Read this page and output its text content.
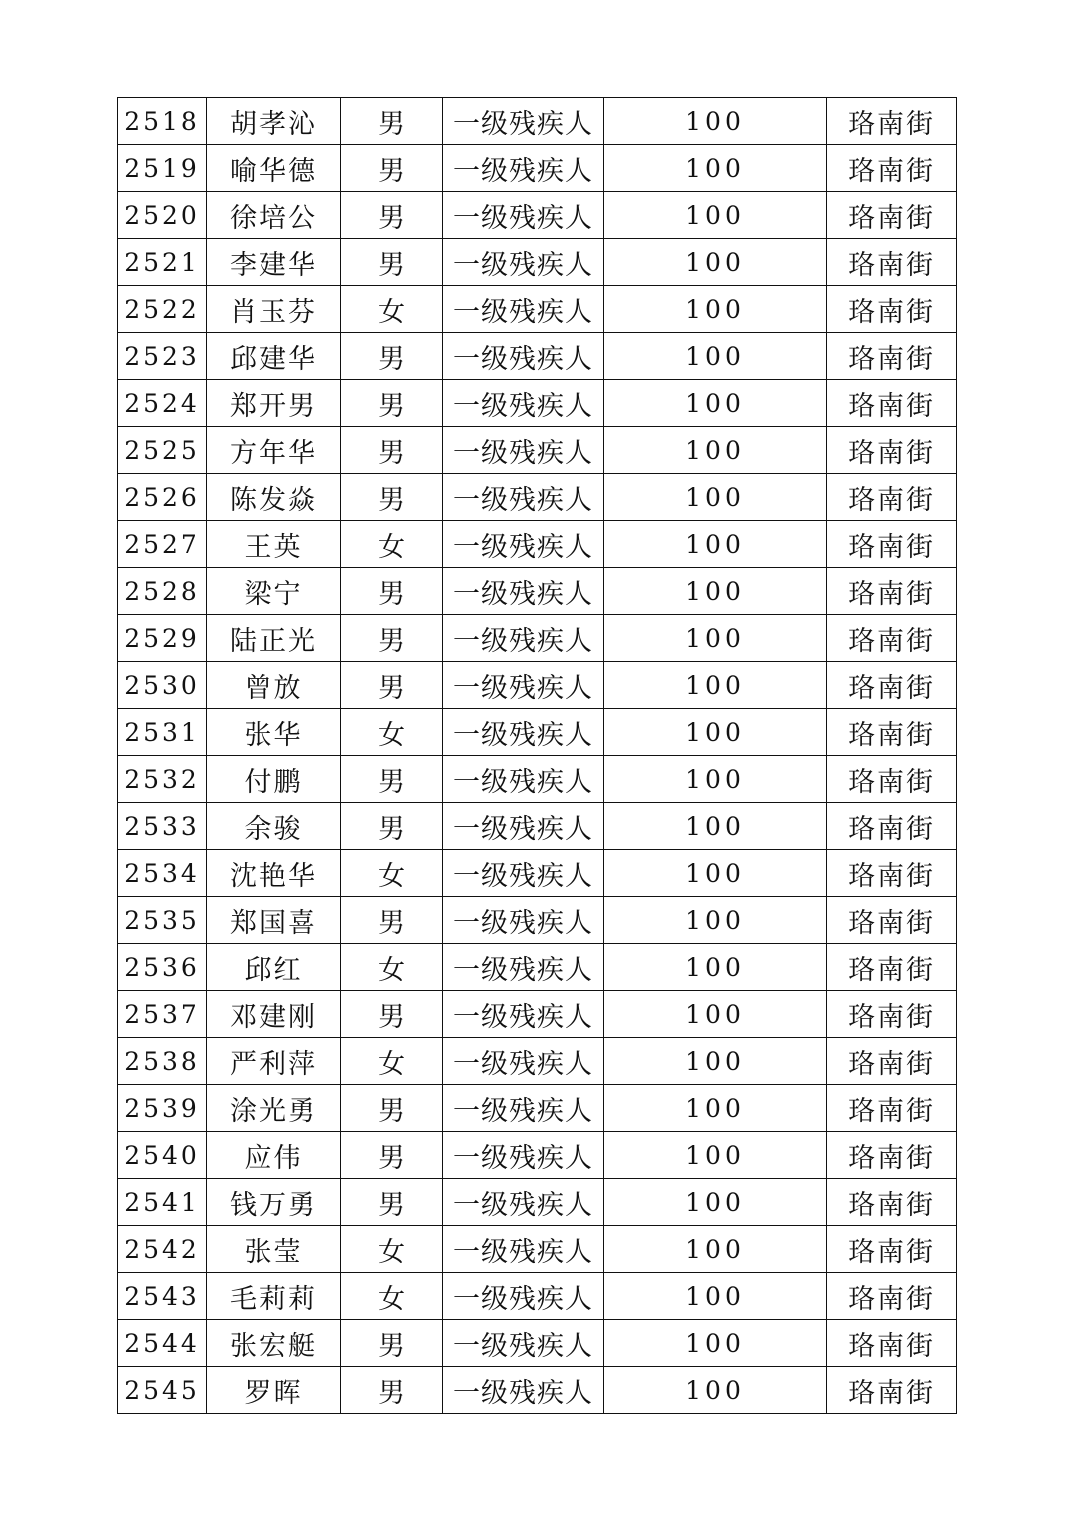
2518	胡孝沁	男	一级残疾人	100	珞南街
2519	喻华德	男	一级残疾人	100	珞南街
2520	徐培公	男	一级残疾人	100	珞南街
2521	李建华	男	一级残疾人	100	珞南街
2522	肖玉芬	女	一级残疾人	100	珞南街
2523	邱建华	男	一级残疾人	100	珞南街
2524	郑开男	男	一级残疾人	100	珞南街
2525	方年华	男	一级残疾人	100	珞南街
2526	陈发焱	男	一级残疾人	100	珞南街
2527	王英	女	一级残疾人	100	珞南街
2528	梁宁	男	一级残疾人	100	珞南街
2529	陆正光	男	一级残疾人	100	珞南街
2530	曾放	男	一级残疾人	100	珞南街
2531	张华	女	一级残疾人	100	珞南街
2532	付鹏	男	一级残疾人	100	珞南街
2533	余骏	男	一级残疾人	100	珞南街
2534	沈艳华	女	一级残疾人	100	珞南街
2535	郑国喜	男	一级残疾人	100	珞南街
2536	邱红	女	一级残疾人	100	珞南街
2537	邓建刚	男	一级残疾人	100	珞南街
2538	严利萍	女	一级残疾人	100	珞南街
2539	涂光勇	男	一级残疾人	100	珞南街
2540	应伟	男	一级残疾人	100	珞南街
2541	钱万勇	男	一级残疾人	100	珞南街
2542	张莹	女	一级残疾人	100	珞南街
2543	毛莉莉	女	一级残疾人	100	珞南街
2544	张宏艇	男	一级残疾人	100	珞南街
2545	罗晖	男	一级残疾人	100	珞南街
